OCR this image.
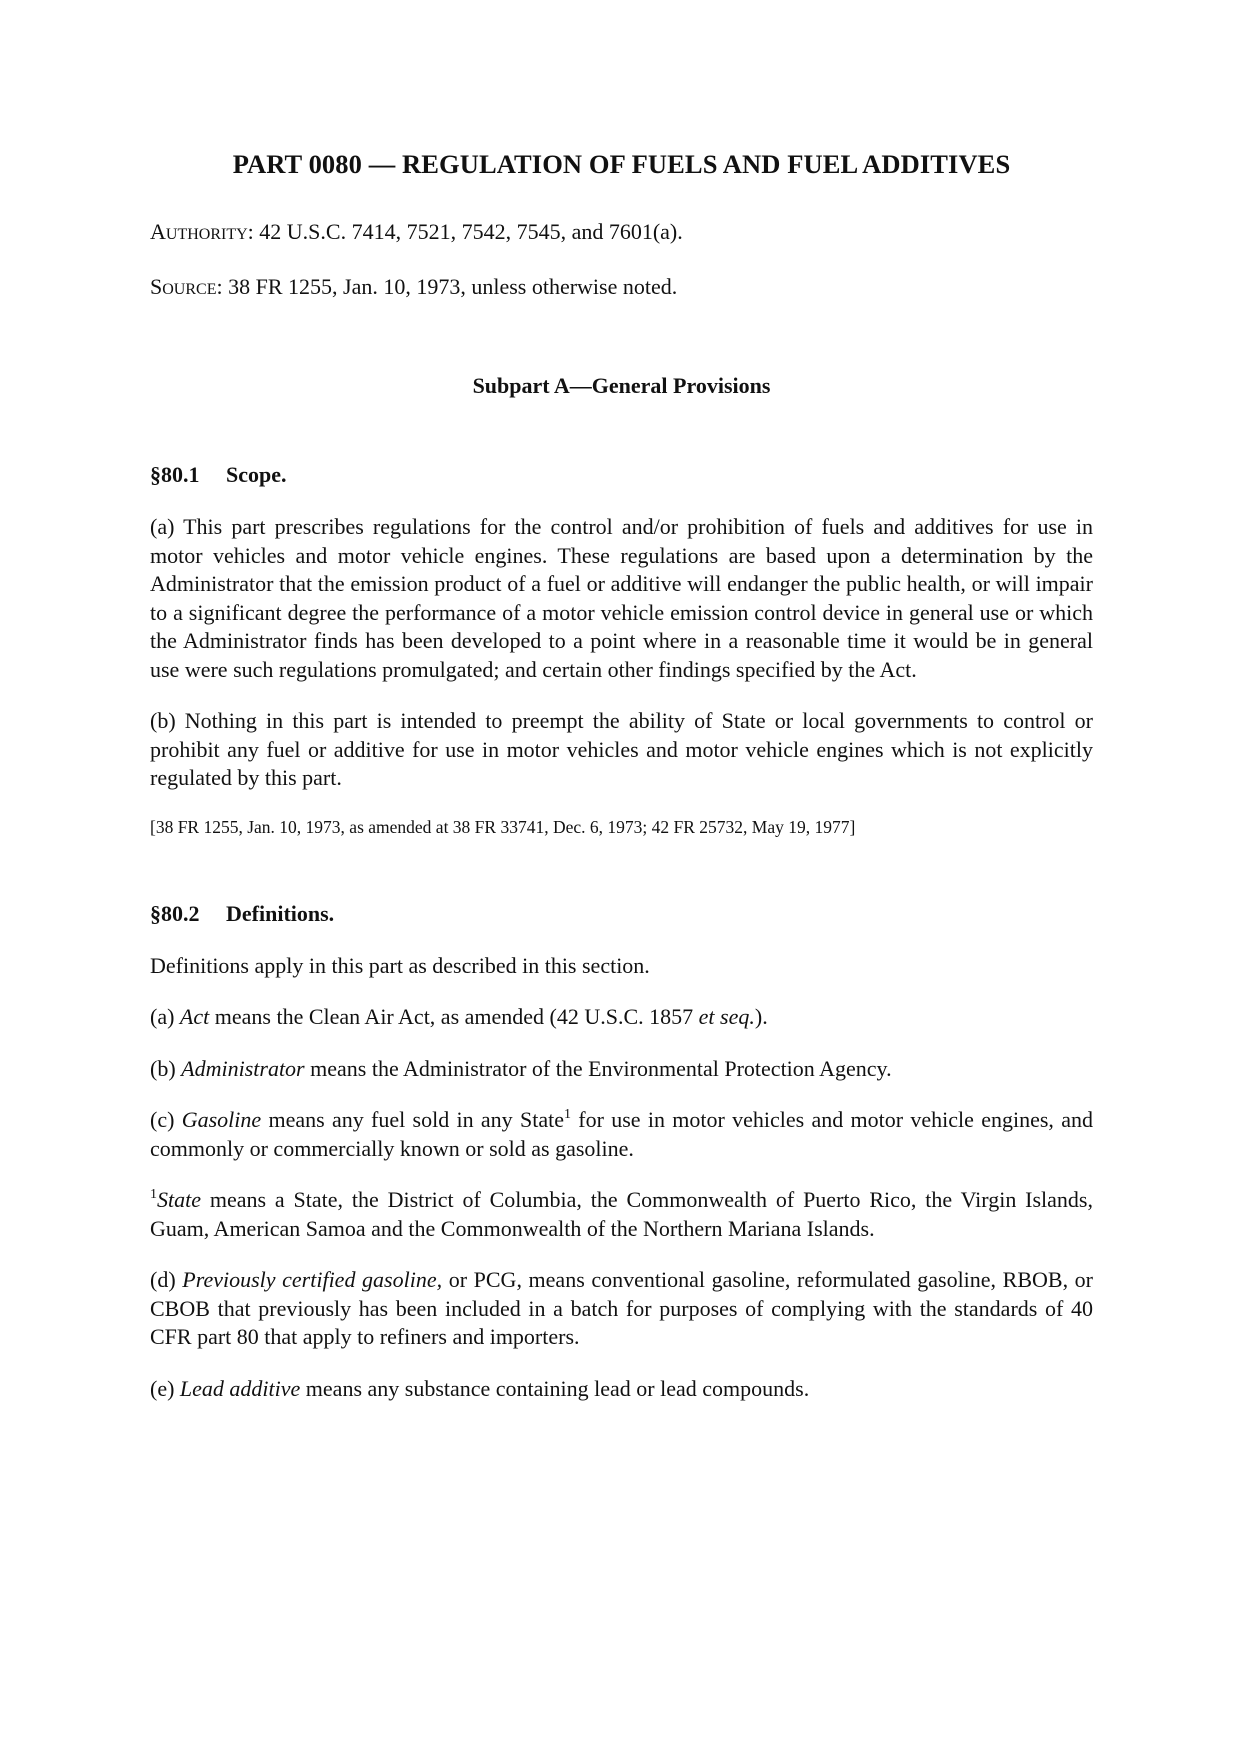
PART 0080 — REGULATION OF FUELS AND FUEL ADDITIVES

AUTHORITY: 42 U.S.C. 7414, 7521, 7542, 7545, and 7601(a).

SOURCE: 38 FR 1255, Jan. 10, 1973, unless otherwise noted.

Subpart A—General Provisions

§80.1 Scope.

(a) This part prescribes regulations for the control and/or prohibition of fuels and additives for use in motor vehicles and motor vehicle engines. These regulations are based upon a determination by the Administrator that the emission product of a fuel or additive will endanger the public health, or will impair to a significant degree the performance of a motor vehicle emission control device in general use or which the Administrator finds has been developed to a point where in a reasonable time it would be in general use were such regulations promulgated; and certain other findings specified by the Act.

(b) Nothing in this part is intended to preempt the ability of State or local governments to control or prohibit any fuel or additive for use in motor vehicles and motor vehicle engines which is not explicitly regulated by this part.

[38 FR 1255, Jan. 10, 1973, as amended at 38 FR 33741, Dec. 6, 1973; 42 FR 25732, May 19, 1977]

§80.2 Definitions.

Definitions apply in this part as described in this section.

(a) Act means the Clean Air Act, as amended (42 U.S.C. 1857 et seq.).

(b) Administrator means the Administrator of the Environmental Protection Agency.

(c) Gasoline means any fuel sold in any State$^1$ for use in motor vehicles and motor vehicle engines, and commonly or commercially known or sold as gasoline.

$^1$State means a State, the District of Columbia, the Commonwealth of Puerto Rico, the Virgin Islands, Guam, American Samoa and the Commonwealth of the Northern Mariana Islands.

(d) Previously certified gasoline, or PCG, means conventional gasoline, reformulated gasoline, RBOB, or CBOB that previously has been included in a batch for purposes of complying with the standards of 40 CFR part 80 that apply to refiners and importers.

(e) Lead additive means any substance containing lead or lead compounds.
